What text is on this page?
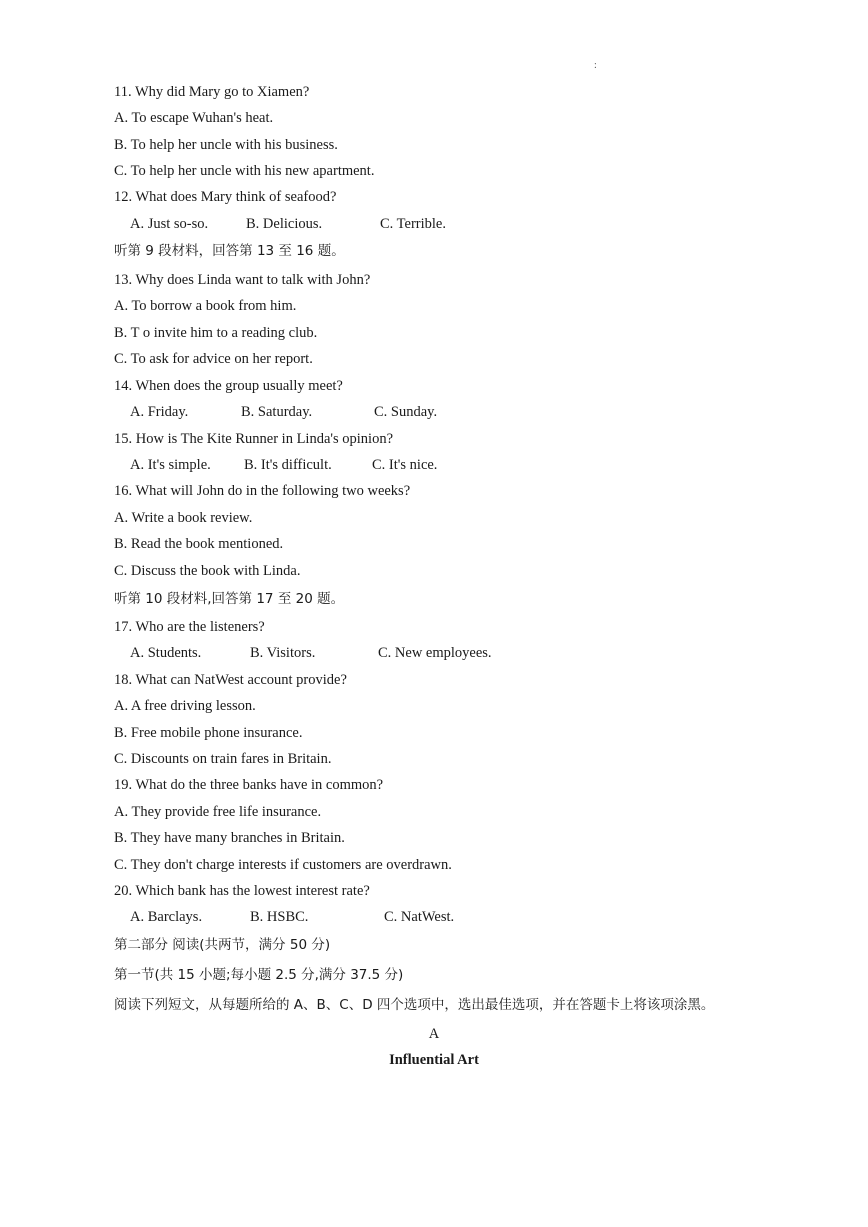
:
11. Why did Mary go to Xiamen?
A. To escape Wuhan's heat.
B. To help her uncle with his business.
C. To help her uncle with his new apartment.
12. What does Mary think of seafood?
A. Just so-so.	B. Delicious.	C. Terrible.
听第 9 段材料，回答第 13 至 16 题。
13. Why does Linda want to talk with John?
A. To borrow a book from him.
B. T o invite him to a reading club.
C. To ask for advice on her report.
14. When does the group usually meet?
A. Friday.	B. Saturday.	C. Sunday.
15. How is The Kite Runner in Linda's opinion?
A. It's simple. B. It's difficult.	C. It's nice.
16. What will John do in the following two weeks?
A. Write a book review.
B. Read the book mentioned.
C. Discuss the book with Linda.
听第 10 段材料,回答第 17 至 20 题。
17. Who are the listeners?
A. Students.	B. Visitors.	C. New employees.
18. What can NatWest account provide?
A. A free driving lesson.
B. Free mobile phone insurance.
C. Discounts on train fares in Britain.
19. What do the three banks have in common?
A. They provide free life insurance.
B. They have many branches in Britain.
C. They don't charge interests if customers are overdrawn.
20. Which bank has the lowest interest rate?
A. Barclays.	B. HSBC.	C. NatWest.
第二部分 阅读(共两节，满分 50 分)
第一节(共 15 小题;每小题 2.5 分,满分 37.5 分)
阅读下列短文，从每题所给的 A、B、C、D 四个选项中，选出最佳选项，并在答题卡上将该项涂黑。
A
Influential Art
